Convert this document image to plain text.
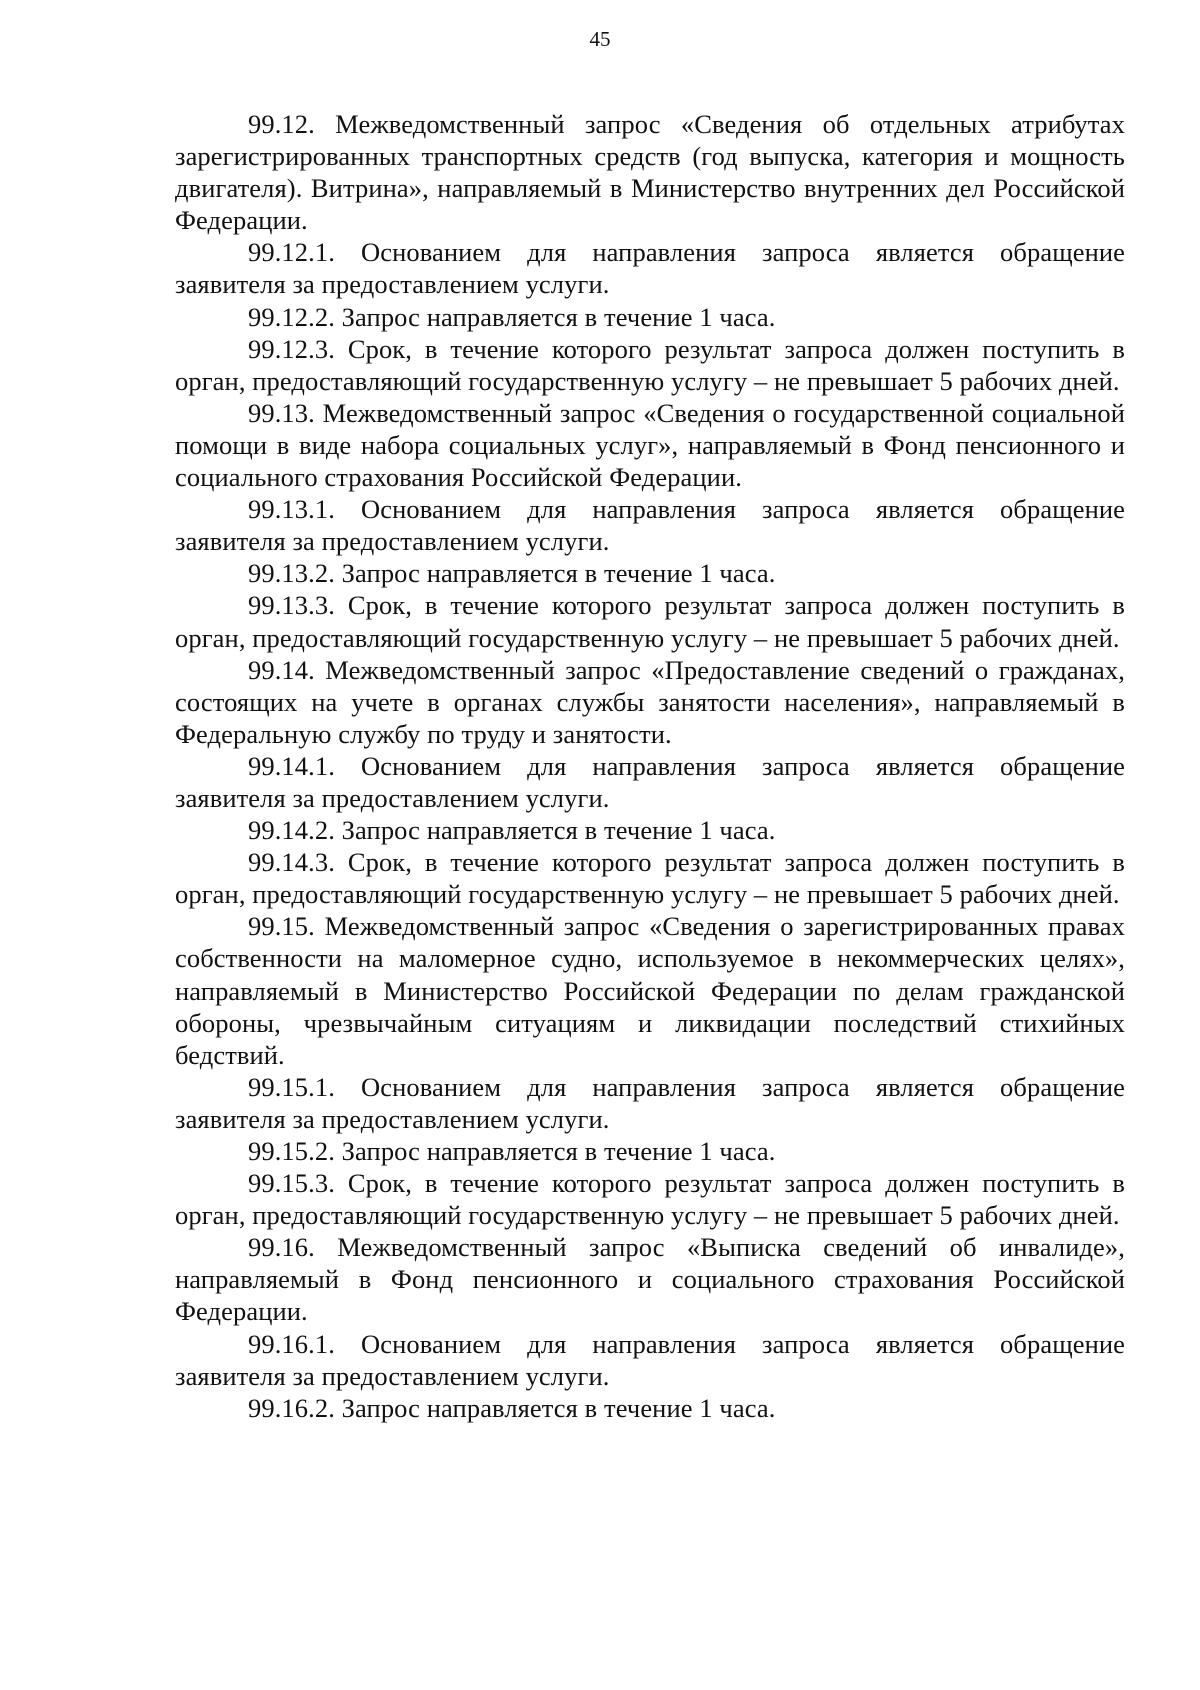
45

99.12. Межведомственный запрос «Сведения об отдельных атрибутах зарегистрированных транспортных средств (год выпуска, категория и мощность двигателя). Витрина», направляемый в Министерство внутренних дел Российской Федерации.

99.12.1. Основанием для направления запроса является обращение заявителя за предоставлением услуги.

99.12.2. Запрос направляется в течение 1 часа.

99.12.3. Срок, в течение которого результат запроса должен поступить в орган, предоставляющий государственную услугу – не превышает 5 рабочих дней.

99.13. Межведомственный запрос «Сведения о государственной социальной помощи в виде набора социальных услуг», направляемый в Фонд пенсионного и социального страхования Российской Федерации.

99.13.1. Основанием для направления запроса является обращение заявителя за предоставлением услуги.

99.13.2. Запрос направляется в течение 1 часа.

99.13.3. Срок, в течение которого результат запроса должен поступить в орган, предоставляющий государственную услугу – не превышает 5 рабочих дней.

99.14. Межведомственный запрос «Предоставление сведений о гражданах, состоящих на учете в органах службы занятости населения», направляемый в Федеральную службу по труду и занятости.

99.14.1. Основанием для направления запроса является обращение заявителя за предоставлением услуги.

99.14.2. Запрос направляется в течение 1 часа.

99.14.3. Срок, в течение которого результат запроса должен поступить в орган, предоставляющий государственную услугу – не превышает 5 рабочих дней.

99.15. Межведомственный запрос «Сведения о зарегистрированных правах собственности на маломерное судно, используемое в некоммерческих целях», направляемый в Министерство Российской Федерации по делам гражданской обороны, чрезвычайным ситуациям и ликвидации последствий стихийных бедствий.

99.15.1. Основанием для направления запроса является обращение заявителя за предоставлением услуги.

99.15.2. Запрос направляется в течение 1 часа.

99.15.3. Срок, в течение которого результат запроса должен поступить в орган, предоставляющий государственную услугу – не превышает 5 рабочих дней.

99.16. Межведомственный запрос «Выписка сведений об инвалиде», направляемый в Фонд пенсионного и социального страхования Российской Федерации.

99.16.1. Основанием для направления запроса является обращение заявителя за предоставлением услуги.

99.16.2. Запрос направляется в течение 1 часа.
